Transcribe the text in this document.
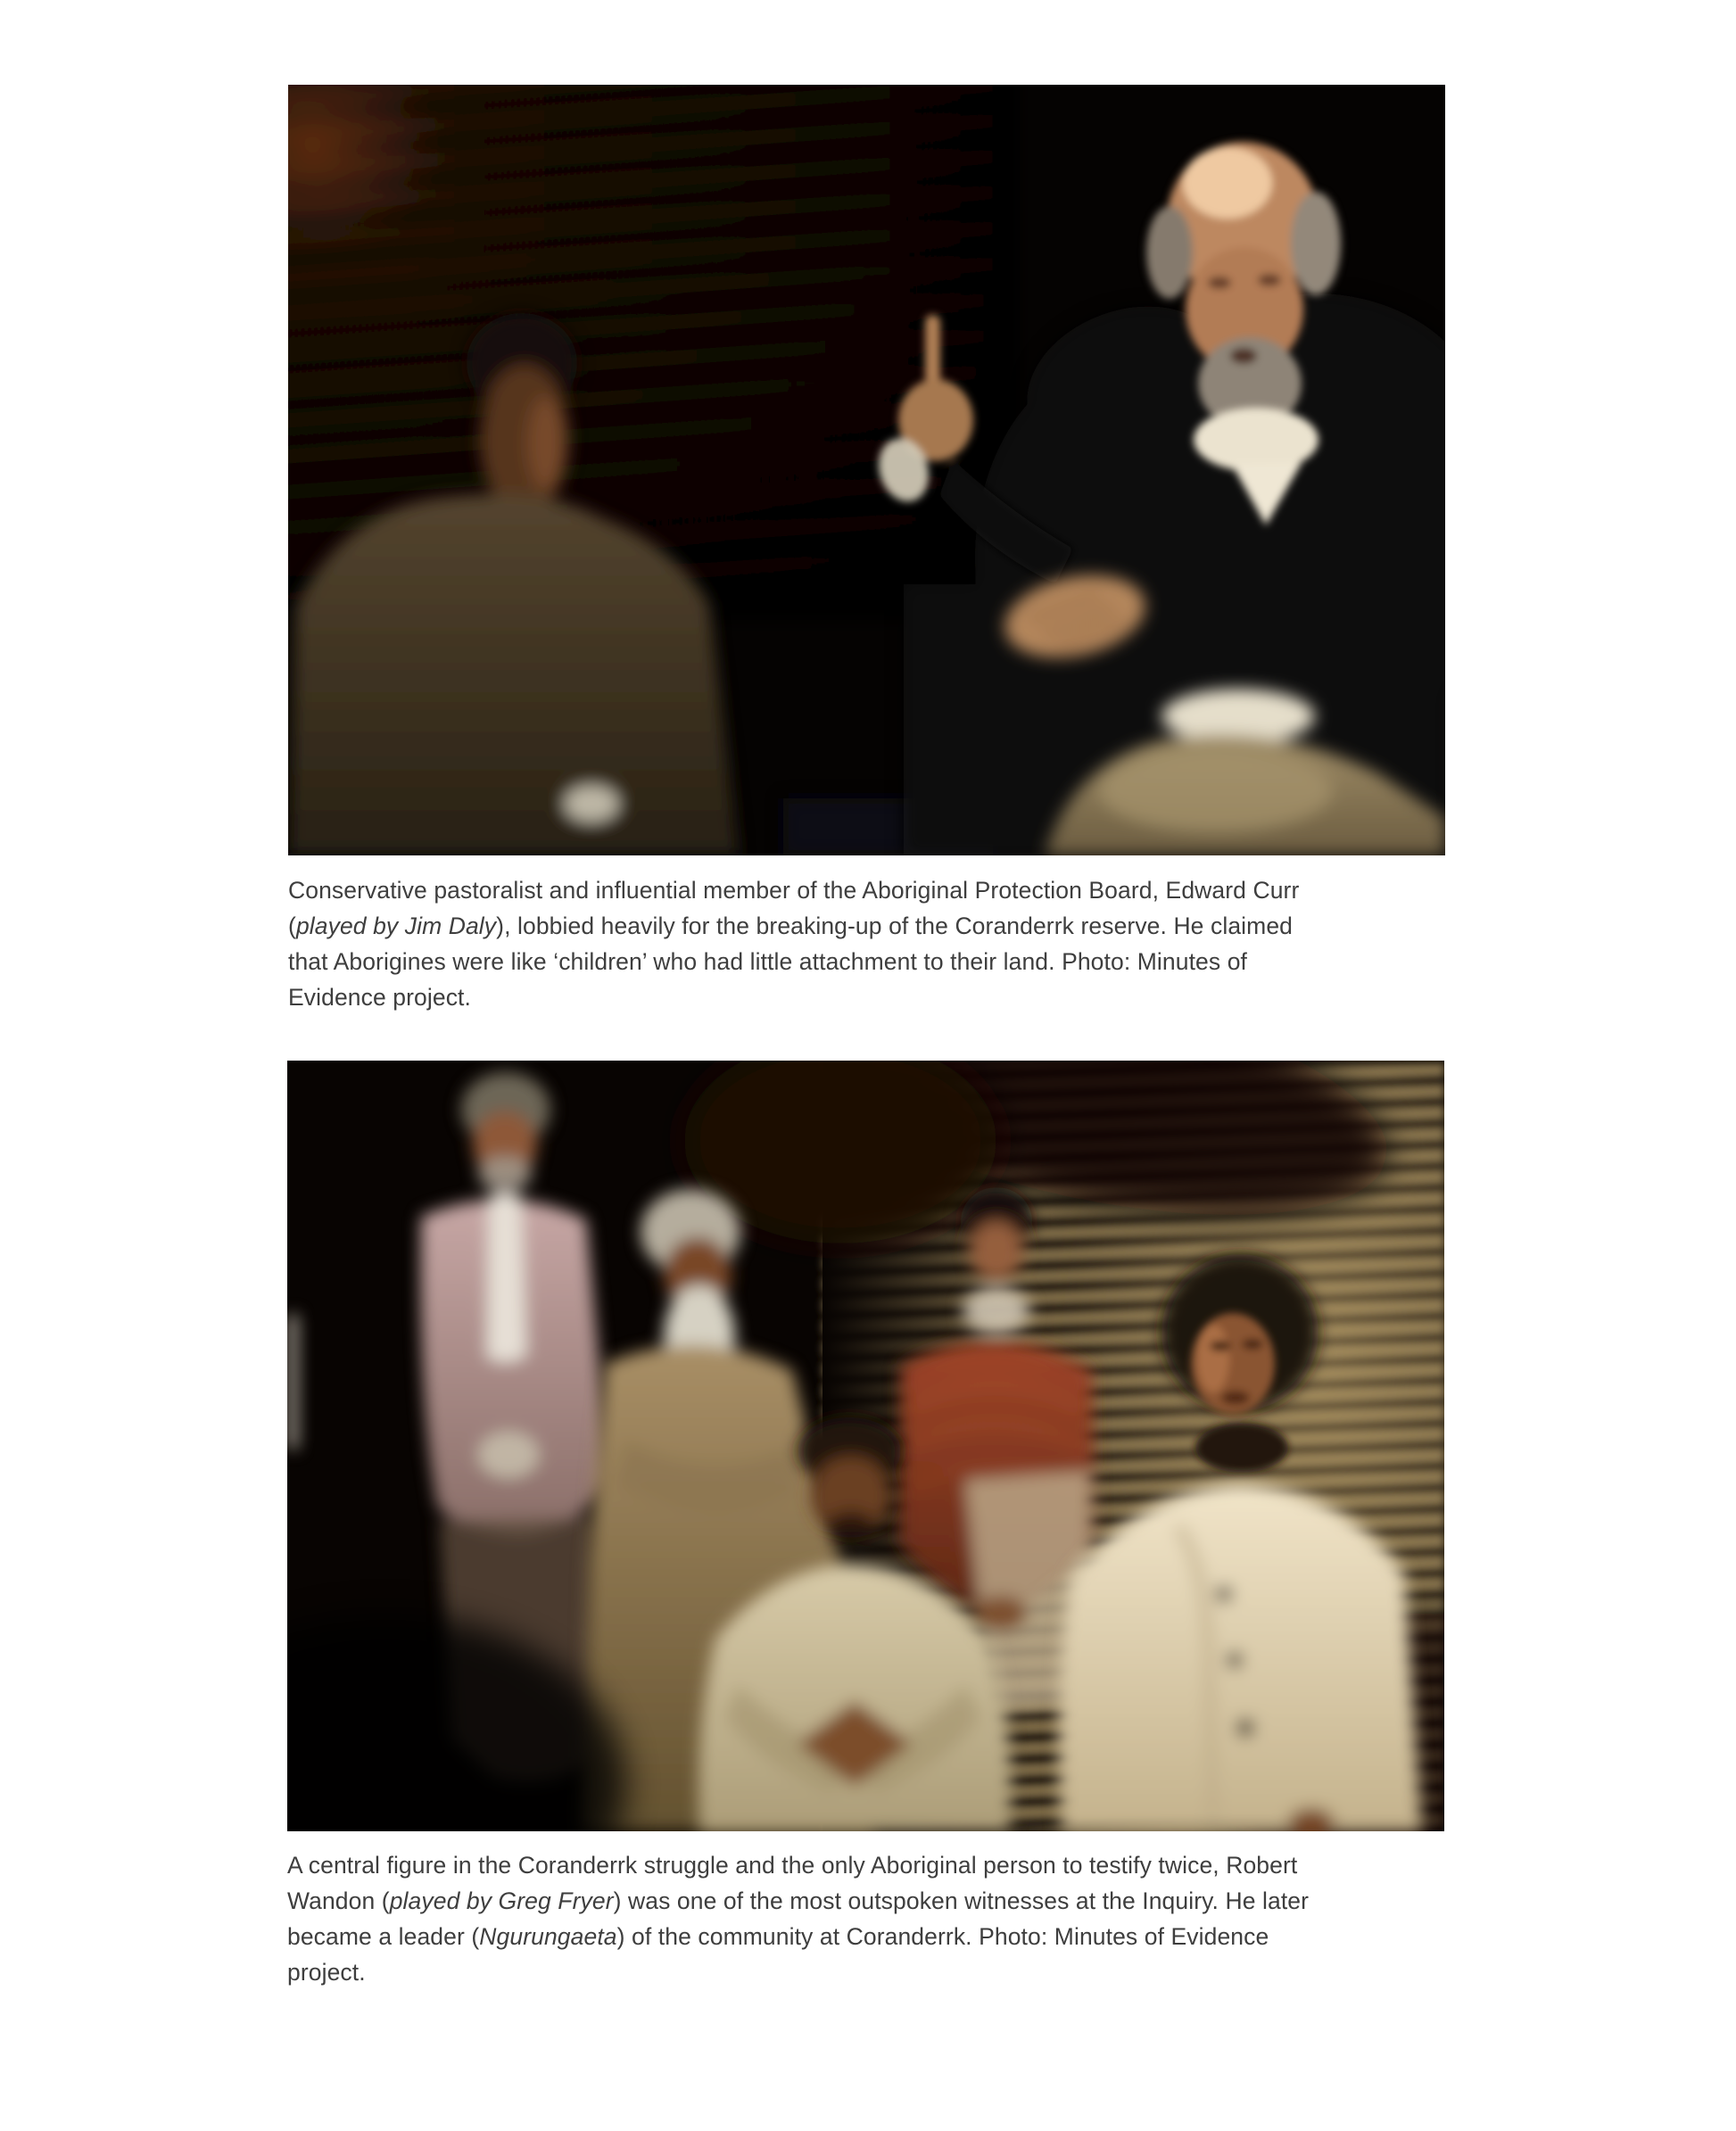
Conservative pastoralist and influential member of the Aboriginal Protection Board, Edward Curr
(played by Jim Daly), lobbied heavily for the breaking-up of the Coranderrk reserve. He claimed
that Aborigines were like ‘children’ who had little attachment to their land. Photo: Minutes of
Evidence project.
A central figure in the Coranderrk struggle and the only Aboriginal person to testify twice, Robert
Wandon (played by Greg Fryer) was one of the most outspoken witnesses at the Inquiry. He later
became a leader (Ngurungaeta) of the community at Coranderrk. Photo: Minutes of Evidence
project.
